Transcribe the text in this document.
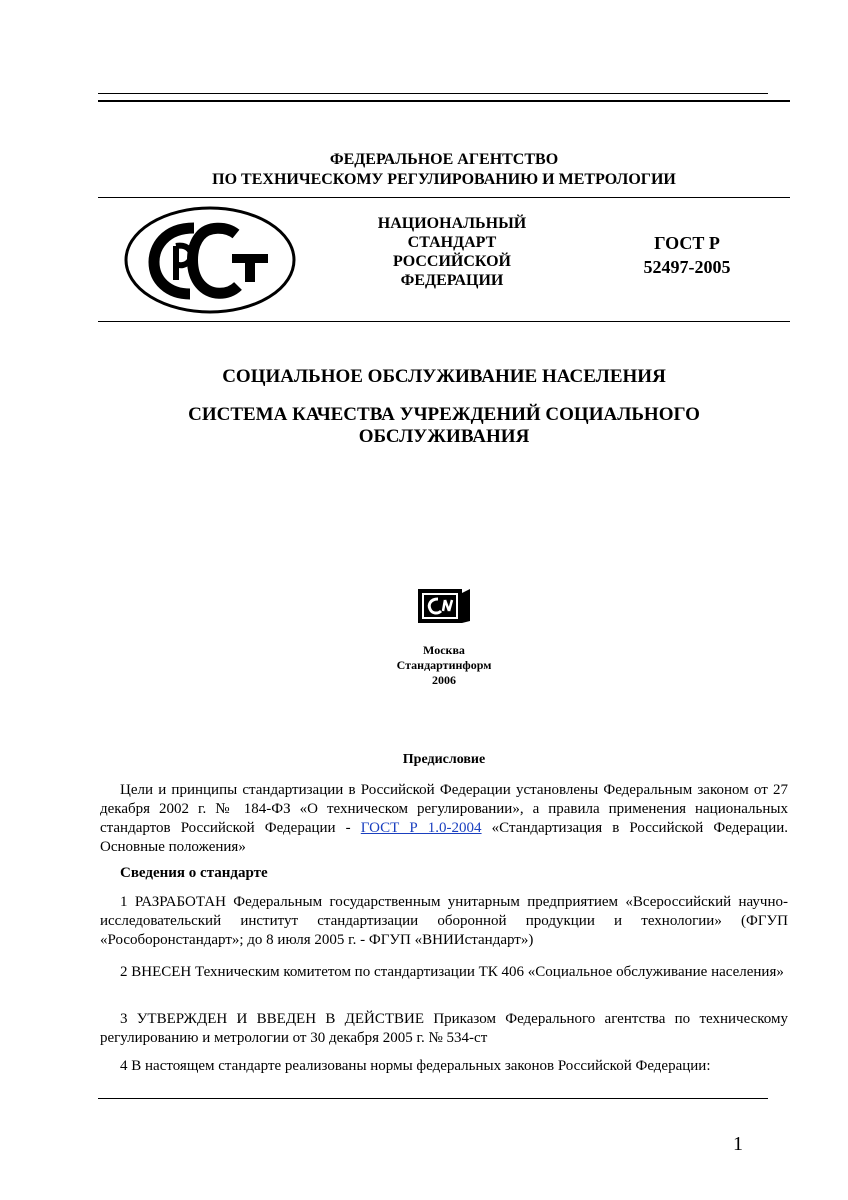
ФЕДЕРАЛЬНОЕ АГЕНТСТВО
ПО ТЕХНИЧЕСКОМУ РЕГУЛИРОВАНИЮ И МЕТРОЛОГИИ
НАЦИОНАЛЬНЫЙ
СТАНДАРТ
РОССИЙСКОЙ
ФЕДЕРАЦИИ
ГОСТ Р
52497-2005
СОЦИАЛЬНОЕ ОБСЛУЖИВАНИЕ НАСЕЛЕНИЯ
СИСТЕМА КАЧЕСТВА УЧРЕЖДЕНИЙ СОЦИАЛЬНОГО
ОБСЛУЖИВАНИЯ
Москва
Стандартинформ
2006
Предисловие
Цели и принципы стандартизации в Российской Федерации установлены Федеральным законом от 27 декабря 2002 г. № 184-ФЗ «О техническом регулировании», а правила применения национальных стандартов Российской Федерации - ГОСТ Р 1.0-2004 «Стандартизация в Российской Федерации. Основные положения»
Сведения о стандарте
1 РАЗРАБОТАН Федеральным государственным унитарным предприятием «Всероссийский научно-исследовательский институт стандартизации оборонной продукции и технологии» (ФГУП «Рособоронстандарт»; до 8 июля 2005 г. - ФГУП «ВНИИстандарт»)
2 ВНЕСЕН Техническим комитетом по стандартизации ТК 406 «Социальное обслуживание населения»
3 УТВЕРЖДЕН И ВВЕДЕН В ДЕЙСТВИЕ Приказом Федерального агентства по техническому регулированию и метрологии от 30 декабря 2005 г. № 534-ст
4 В настоящем стандарте реализованы нормы федеральных законов Российской Федерации:
1
